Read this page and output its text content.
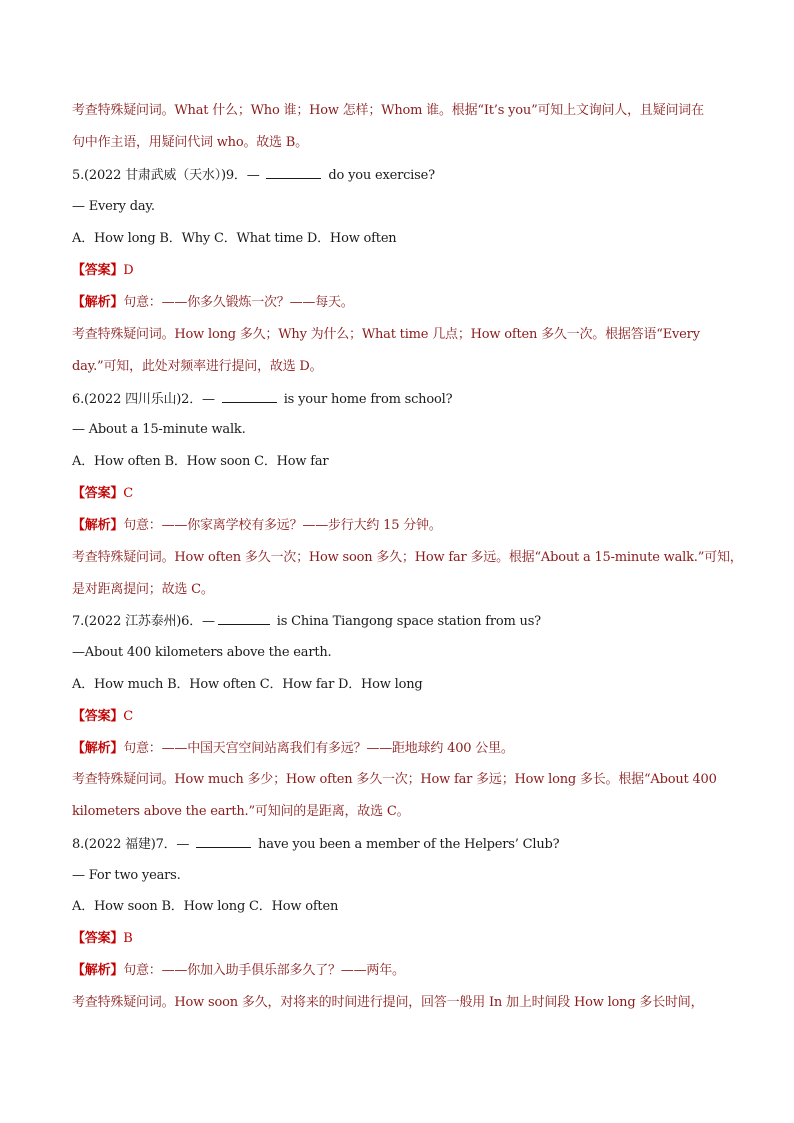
考查特殊疑问词。What 什么；Who 谁；How 怎样；Whom 谁。根据“It’s you”可知上文询问人，且疑问词在
句中作主语，用疑问代词 who。故选 B。
5.(2022 甘肃武威（天水）)9．—	do you exercise?
— Every day.
A．How long B．Why C．What time D．How often
【答案】D
【解析】句意：——你多久锻炼一次？——每天。
考查特殊疑问词。How long 多久；Why 为什么；What time 几点；How often 多久一次。根据答语“Every
day.”可知，此处对频率进行提问，故选 D。
6.(2022 四川乐山)2．—	is your home from school?
— About a 15-minute walk.
A．How often B．How soon C．How far
【答案】C
【解析】句意：——你家离学校有多远？——步行大约 15 分钟。
考查特殊疑问词。How often 多久一次；How soon 多久；How far 多远。根据“About a 15-minute walk.”可知，
是对距离提问；故选 C。
7.(2022 江苏泰州)6．—	is China Tiangong space station from us?
—About 400 kilometers above the earth.
A．How much B．How often C．How far D．How long
【答案】C
【解析】句意：——中国天宫空间站离我们有多远？——距地球约 400 公里。
考查特殊疑问词。How much 多少；How often 多久一次；How far 多远；How long 多长。根据“About 400
kilometers above the earth.”可知问的是距离，故选 C。
8.(2022 福建)7．—	have you been a member of the Helpers’ Club?
— For two years.
A．How soon B．How long C．How often
【答案】B
【解析】句意：——你加入助手俱乐部多久了？——两年。
考查特殊疑问词。How soon 多久，对将来的时间进行提问，回答一般用 In 加上时间段 How long 多长时间，
